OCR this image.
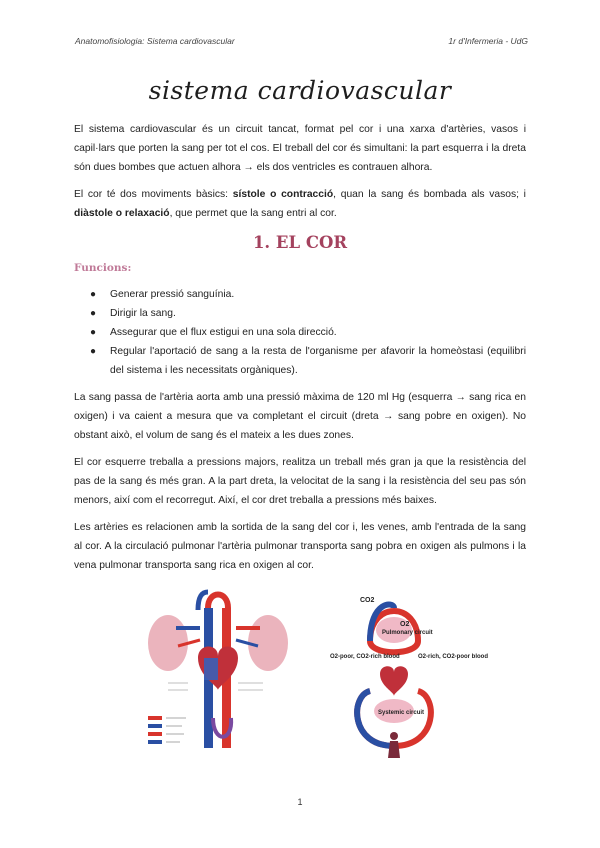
Anatomofisiologia: Sistema cardiovascular	1r d'Infermeria - UdG
sistema cardiovascular

El sistema cardiovascular és un circuit tancat, format pel cor i una xarxa d'artèries, vasos i capil·lars que porten la sang per tot el cos. El treball del cor és simultani: la part esquerra i la dreta són dues bombes que actuen alhora → els dos ventricles es contrauen alhora.

El cor té dos moviments bàsics: sístole o contracció, quan la sang és bombada als vasos; i diàstole o relaxació, que permet que la sang entri al cor.

1. EL COR

Funcions:

● Generar pressió sanguínia.
● Dirigir la sang.
● Assegurar que el flux estigui en una sola direcció.
● Regular l'aportació de sang a la resta de l'organisme per afavorir la homeòstasi (equilibri del sistema i les necessitats orgàniques).

La sang passa de l'artèria aorta amb una pressió màxima de 120 ml Hg (esquerra → sang rica en oxigen) i va caient a mesura que va completant el circuit (dreta → sang pobre en oxigen). No obstant això, el volum de sang és el mateix a les dues zones.

El cor esquerre treballa a pressions majors, realitza un treball més gran ja que la resistència del pas de la sang és més gran. A la part dreta, la velocitat de la sang i la resistència del seu pas són menors, així com el recorregut. Així, el cor dret treballa a pressions més baixes.

Les artèries es relacionen amb la sortida de la sang del cor i, les venes, amb l'entrada de la sang al cor. A la circulació pulmonar l'artèria pulmonar transporta sang pobra en oxigen als pulmons i la vena pulmonar transporta sang rica en oxigen al cor.

CO2
O2
Pulmonary circuit
O2-poor, CO2-rich blood	O2-rich, CO2-poor blood
Systemic circuit
1
